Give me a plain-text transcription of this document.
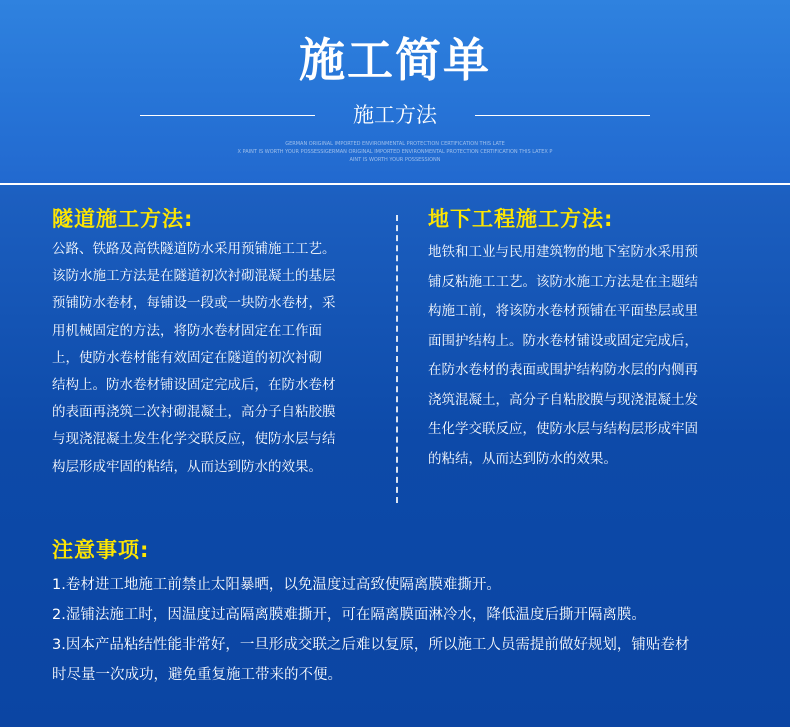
施工简单
施工方法
GERMAN ORIGINAL IMPORTED ENVIRONMENTAL PROTECTION CERTIFICATION THIS LATE
X PAINT IS WORTH YOUR POSSESSIGERMAN ORIGINAL IMPORTED ENVIRONMENTAL PROTECTION CERTIFICATION THIS LATEX P
AINT IS WORTH YOUR POSSESSIONN
隧道施工方法:

公路、铁路及高铁隧道防水采用预铺施工工艺。

该防水施工方法是在隧道初次衬砌混凝土的基层

预铺防水卷材，每铺设一段或一块防水卷材，采

用机械固定的方法，将防水卷材固定在工作面

上，使防水卷材能有效固定在隧道的初次衬砌

结构上。防水卷材铺设固定完成后，在防水卷材

的表面再浇筑二次衬砌混凝土，高分子自粘胶膜

与现浇混凝土发生化学交联反应，使防水层与结

构层形成牢固的粘结，从而达到防水的效果。

地下工程施工方法:

地铁和工业与民用建筑物的地下室防水采用预

铺反粘施工工艺。该防水施工方法是在主题结

构施工前，将该防水卷材预铺在平面垫层或里

面围护结构上。防水卷材铺设或固定完成后，

在防水卷材的表面或围护结构防水层的内侧再

浇筑混凝土，高分子自粘胶膜与现浇混凝土发

生化学交联反应，使防水层与结构层形成牢固

的粘结，从而达到防水的效果。

注意事项:

1.卷材进工地施工前禁止太阳暴晒，以免温度过高致使隔离膜难撕开。

2.湿铺法施工时，因温度过高隔离膜难撕开，可在隔离膜面淋冷水，降低温度后撕开隔离膜。

3.因本产品粘结性能非常好，一旦形成交联之后难以复原，所以施工人员需提前做好规划，铺贴卷材

时尽量一次成功，避免重复施工带来的不便。
